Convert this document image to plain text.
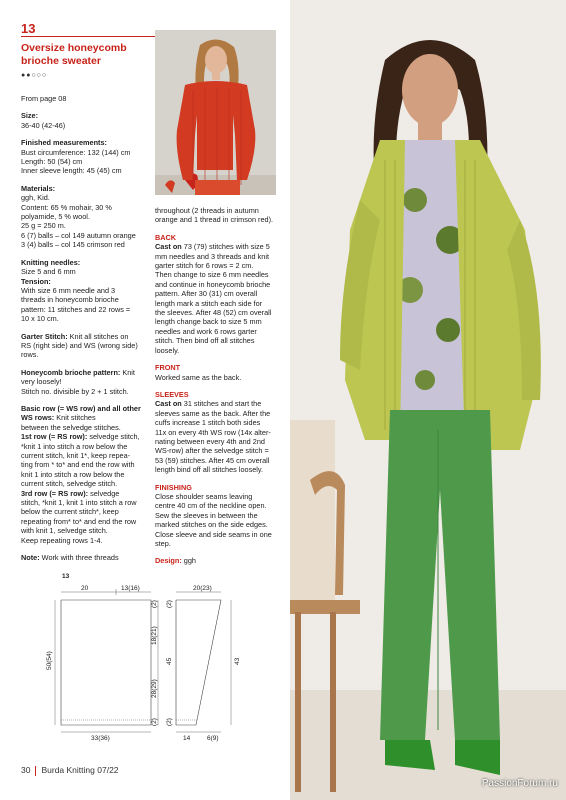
13
Oversize honeycomb brioche sweater
●●○○○

From page 08

Size:
36-40 (42-46)

Finished measurements:
Bust circumference: 132 (144) cm
Length: 50 (54) cm
Inner sleeve length: 45 (45) cm

Materials:
ggh, Kid.
Content: 65 % mohair, 30 %
polyamide, 5 % wool.
25 g = 250 m.
6 (7) balls – col 149 autumn orange
3 (4) balls – col 145 crimson red

Knitting needles:
Size 5 and 6 mm
Tension:
With size 6 mm needle and 3
threads in honeycomb brioche
pattern: 11 stitches and 22 rows =
10 x 10 cm.

Garter Stitch: Knit all stitches on
RS (right side) and WS (wrong side)
rows.

Honeycomb brioche pattern: Knit
very loosely!
Stitch no. divisible by 2 + 1 stitch.

Basic row (= WS row) and all other WS rows: Knit stitches
between the selvedge stitches.
1st row (= RS row): selvedge stitch,
*knit 1 into stitch a row below the
current stitch, knit 1*, keep repea-
ting from * to* and end the row with
knit 1 into stitch a row below the
current stitch, selvedge stitch.
3rd row (= RS row): selvedge
stitch, *knit 1, knit 1 into stitch a row
below the current stitch*, keep
repeating from* to* and end the row
with knit 1, selvedge stitch.
Keep repeating rows 1-4.

Note: Work with three threads

throughout (2 threads in autumn
orange and 1 thread in crimson red).

BACK
Cast on 73 (79) stitches with size 5
mm needles and 3 threads and knit
garter stitch for 6 rows = 2 cm.
Then change to size 6 mm needles
and continue in honeycomb brioche
pattern. After 30 (31) cm overall
length mark a stitch each side for
the sleeves. After 48 (52) cm overall
length change back to size 5 mm
needles and work 6 rows garter
stitch. Then bind off all stitches
loosely.

FRONT
Worked same as the back.

SLEEVES
Cast on 31 stitches and start the
sleeves same as the back. After the
cuffs increase 1 stitch both sides
11x on every 4th WS row (14x alter-
nating between every 4th and 2nd
WS-row) after the selvedge stitch =
53 (59) stitches. After 45 cm overall
length bind off all stitches loosely.

FINISHING
Close shoulder seams leaving
centre 40 cm of the neckline open.
Sew the sleeves in between the
marked stitches on the side edges.
Close sleeve and side seams in one
step.

Design: ggh

13
20	13(16)
33(36)
50(54)
(2)
18(21)
28(29)
(2)
20(23)
14	6(9)
(2)
45
(2)
43
30 Burda Knitting 07/22
PassionForum.ru
